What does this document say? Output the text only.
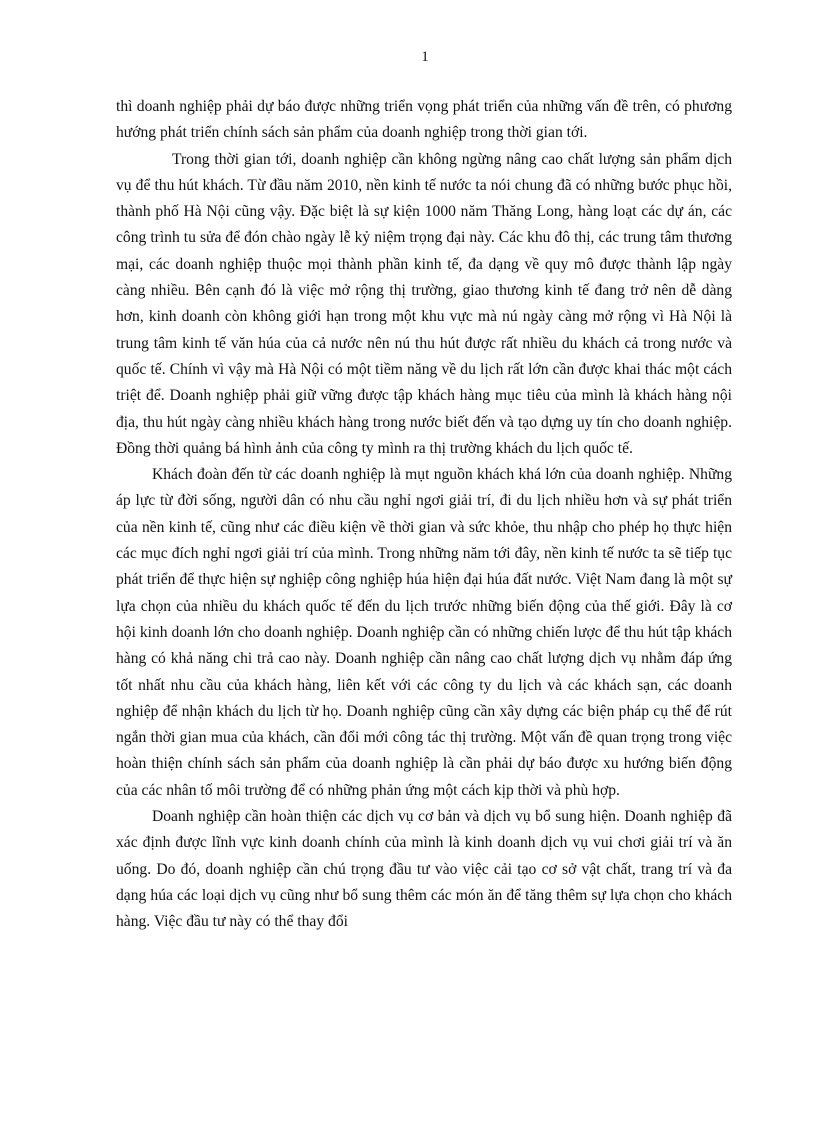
1

thì doanh nghiệp phải dự báo được những triển vọng phát triển của những vấn đề trên, có phương hướng phát triển chính sách sản phẩm của doanh nghiệp trong thời gian tới.

Trong thời gian tới, doanh nghiệp cần không ngừng nâng cao chất lượng sản phẩm dịch vụ để thu hút khách. Từ đầu năm 2010, nền kinh tế nước ta nói chung đã có những bước phục hồi, thành phố Hà Nội cũng vậy. Đặc biệt là sự kiện 1000 năm Thăng Long, hàng loạt các dự án, các công trình tu sửa để đón chào ngày lễ kỷ niệm trọng đại này. Các khu đô thị, các trung tâm thương mại, các doanh nghiệp thuộc mọi thành phần kinh tế, đa dạng về quy mô được thành lập ngày càng nhiều. Bên cạnh đó là việc mở rộng thị trường, giao thương kinh tế đang trở nên dễ dàng hơn, kinh doanh còn không giới hạn trong một khu vực mà nú ngày càng mở rộng vì Hà Nội là trung tâm kinh tế văn húa của cả nước nên nú thu hút được rất nhiều du khách cả trong nước và quốc tế. Chính vì vậy mà Hà Nội có một tiềm năng về du lịch rất lớn cần được khai thác một cách triệt để. Doanh nghiệp phải giữ vững được tập khách hàng mục tiêu của mình là khách hàng nội địa, thu hút ngày càng nhiều khách hàng trong nước biết đến và tạo dựng uy tín cho doanh nghiệp. Đồng thời quảng bá hình ảnh của công ty mình ra thị trường khách du lịch quốc tế.

Khách đoàn đến từ các doanh nghiệp là mụt nguồn khách khá lớn của doanh nghiệp. Những áp lực từ đời sống, người dân có nhu cầu nghỉ ngơi giải trí, đi du lịch nhiều hơn và sự phát triển của nền kinh tế, cũng như các điều kiện về thời gian và sức khỏe, thu nhập cho phép họ thực hiện các mục đích nghỉ ngơi giải trí của mình. Trong những năm tới đây, nền kinh tế nước ta sẽ tiếp tục phát triển để thực hiện sự nghiệp công nghiệp húa hiện đại húa đất nước. Việt Nam đang là một sự lựa chọn của nhiều du khách quốc tế đến du lịch trước những biến động của thế giới. Đây là cơ hội kinh doanh lớn cho doanh nghiệp. Doanh nghiệp cần có những chiến lược để thu hút tập khách hàng có khả năng chi trả cao này. Doanh nghiệp cần nâng cao chất lượng dịch vụ nhằm đáp ứng tốt nhất nhu cầu của khách hàng, liên kết với các công ty du lịch và các khách sạn, các doanh nghiệp để nhận khách du lịch từ họ. Doanh nghiệp cũng cần xây dựng các biện pháp cụ thể để rút ngắn thời gian mua của khách, cần đổi mới công tác thị trường. Một vấn đề quan trọng trong việc hoàn thiện chính sách sản phẩm của doanh nghiệp là cần phải dự báo được xu hướng biến động của các nhân tố môi trường để có những phản ứng một cách kịp thời và phù hợp.

Doanh nghiệp cần hoàn thiện các dịch vụ cơ bản và dịch vụ bổ sung hiện. Doanh nghiệp đã xác định được lĩnh vực kinh doanh chính của mình là kinh doanh dịch vụ vui chơi giải trí và ăn uống. Do đó, doanh nghiệp cần chú trọng đầu tư vào việc cải tạo cơ sở vật chất, trang trí và đa dạng húa các loại dịch vụ cũng như bổ sung thêm các món ăn để tăng thêm sự lựa chọn cho khách hàng. Việc đầu tư này có thể thay đổi
